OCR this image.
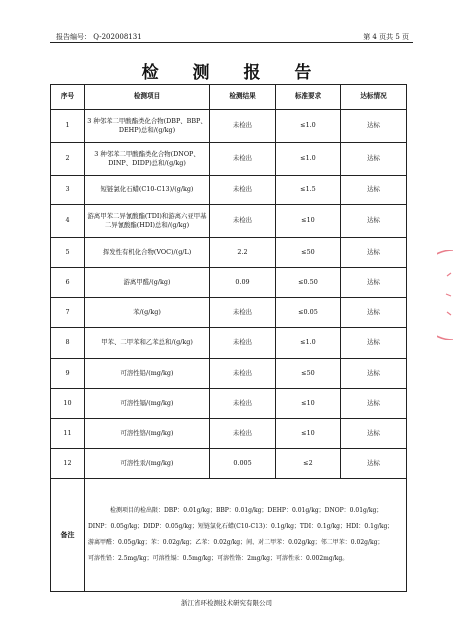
报告编号： Q-202008131	第 4 页共 5 页
检 测 报 告
序号	检测项目	检测结果	标准要求	达标情况
1	3 种邻苯二甲酸酯类化合物(DBP、BBP、DEHP)总和/(g/kg)	未检出	≤1.0	达标
2	3 种邻苯二甲酸酯类化合物(DNOP、DINP、DIDP)总和/(g/kg)	未检出	≤1.0	达标
3	短链氯化石蜡(C10-C13)/(g/kg)	未检出	≤1.5	达标
4	游离甲苯二异氰酸酯(TDI)和游离六亚甲基二异氰酸酯(HDI)总和/(g/kg)	未检出	≤10	达标
5	挥发性有机化合物(VOC)/(g/L)	2.2	≤50	达标
6	游离甲醛/(g/kg)	0.09	≤0.50	达标
7	苯/(g/kg)	未检出	≤0.05	达标
8	甲苯、二甲苯和乙苯总和/(g/kg)	未检出	≤1.0	达标
9	可溶性铅/(mg/kg)	未检出	≤50	达标
10	可溶性镉/(mg/kg)	未检出	≤10	达标
11	可溶性铬/(mg/kg)	未检出	≤10	达标
12	可溶性汞/(mg/kg)	0.005	≤2	达标
备注	检测项目的检出限：DBP：0.01g/kg；BBP：0.01g/kg；DEHP：0.01g/kg；DNOP：0.01g/kg；
DINP：0.05g/kg；DIDP：0.05g/kg；短链氯化石蜡(C10-C13)：0.1g/kg；TDI：0.1g/kg；HDI：0.1g/kg；
游离甲醛：0.05g/kg；苯：0.02g/kg；乙苯：0.02g/kg；间、对二甲苯：0.02g/kg；邻二甲苯：0.02g/kg；
可溶性铅：2.5mg/kg；可溶性镉：0.5mg/kg；可溶性铬：2mg/kg；可溶性汞：0.002mg/kg。			
浙江省环检测技术研究有限公司
